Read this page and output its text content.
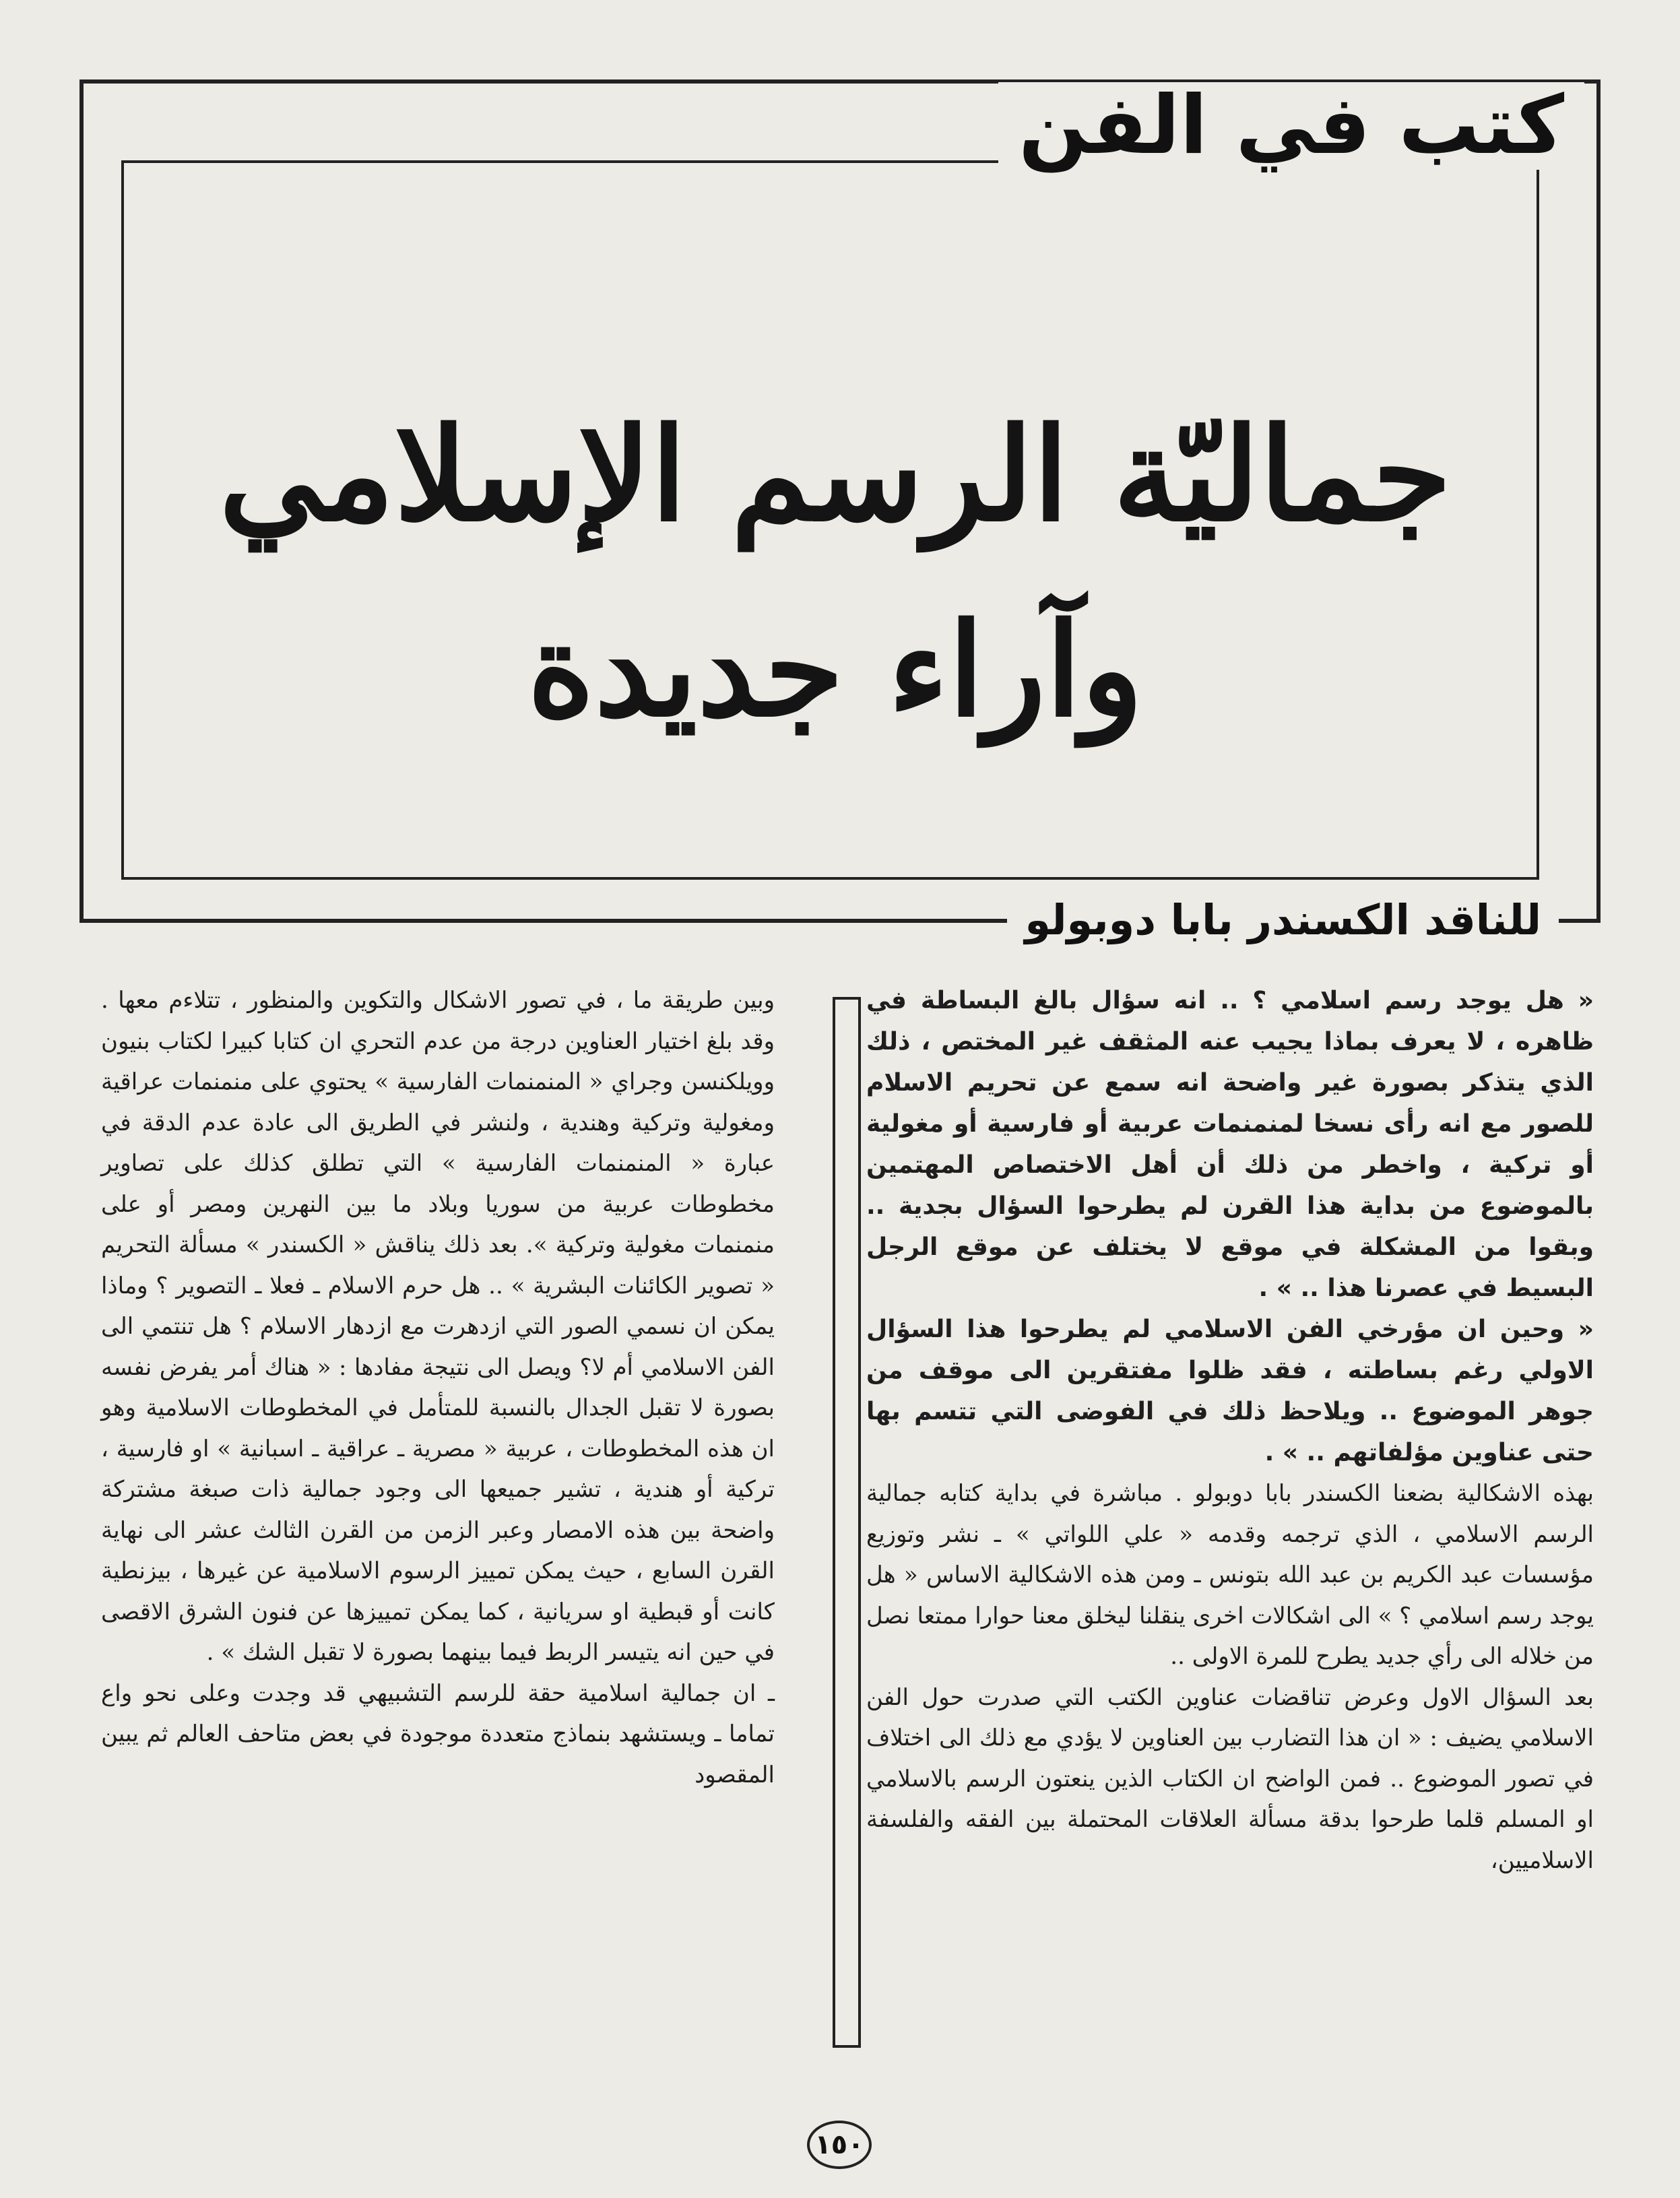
كتب في الفن
جماليّة الرسم الإسلامي
وآراء جديدة
للناقد الكسندر بابا دوبولو

« هل يوجد رسم اسلامي ؟ .. انه سؤال بالغ البساطة في ظاهره ، لا يعرف بماذا يجيب عنه المثقف غير المختص ، ذلك الذي يتذكر بصورة غير واضحة انه سمع عن تحريم الاسلام للصور مع انه رأى نسخا لمنمنمات عربية أو فارسية أو مغولية أو تركية ، واخطر من ذلك أن أهل الاختصاص المهتمين بالموضوع من بداية هذا القرن لم يطرحوا السؤال بجدية .. وبقوا من المشكلة في موقع لا يختلف عن موقع الرجل البسيط في عصرنا هذا .. » .

« وحين ان مؤرخي الفن الاسلامي لم يطرحوا هذا السؤال الاولي رغم بساطته ، فقد ظلوا مفتقرين الى موقف من جوهر الموضوع .. ويلاحظ ذلك في الفوضى التي تتسم بها حتى عناوين مؤلفاتهم .. » .

بهذه الاشكالية بضعنا الكسندر بابا دوبولو . مباشرة في بداية كتابه جمالية الرسم الاسلامي ، الذي ترجمه وقدمه « علي اللواتي » ـ نشر وتوزيع مؤسسات عبد الكريم بن عبد الله بتونس ـ ومن هذه الاشكالية الاساس « هل يوجد رسم اسلامي ؟ » الى اشكالات اخرى ينقلنا ليخلق معنا حوارا ممتعا نصل من خلاله الى رأي جديد يطرح للمرة الاولى ..

بعد السؤال الاول وعرض تناقضات عناوين الكتب التي صدرت حول الفن الاسلامي يضيف : « ان هذا التضارب بين العناوين لا يؤدي مع ذلك الى اختلاف في تصور الموضوع .. فمن الواضح ان الكتاب الذين ينعتون الرسم بالاسلامي او المسلم قلما طرحوا بدقة مسألة العلاقات المحتملة بين الفقه والفلسفة الاسلاميين،

وبين طريقة ما ، في تصور الاشكال والتكوين والمنظور ، تتلاءم معها . وقد بلغ اختيار العناوين درجة من عدم التحري ان كتابا كبيرا لكتاب بنيون وويلكنسن وجراي « المنمنمات الفارسية » يحتوي على منمنمات عراقية ومغولية وتركية وهندية ، ولنشر في الطريق الى عادة عدم الدقة في عبارة « المنمنمات الفارسية » التي تطلق كذلك على تصاوير مخطوطات عربية من سوريا وبلاد ما بين النهرين ومصر أو على منمنمات مغولية وتركية ». بعد ذلك يناقش « الكسندر » مسألة التحريم « تصوير الكائنات البشرية » .. هل حرم الاسلام ـ فعلا ـ التصوير ؟ وماذا يمكن ان نسمي الصور التي ازدهرت مع ازدهار الاسلام ؟ هل تنتمي الى الفن الاسلامي أم لا؟ ويصل الى نتيجة مفادها : « هناك أمر يفرض نفسه بصورة لا تقبل الجدال بالنسبة للمتأمل في المخطوطات الاسلامية وهو ان هذه المخطوطات ، عربية « مصرية ـ عراقية ـ اسبانية » او فارسية ، تركية أو هندية ، تشير جميعها الى وجود جمالية ذات صبغة مشتركة واضحة بين هذه الامصار وعبر الزمن من القرن الثالث عشر الى نهاية القرن السابع ، حيث يمكن تمييز الرسوم الاسلامية عن غيرها ، بيزنطية كانت أو قبطية او سريانية ، كما يمكن تمييزها عن فنون الشرق الاقصى في حين انه يتيسر الربط فيما بينهما بصورة لا تقبل الشك » .

ـ ان جمالية اسلامية حقة للرسم التشبيهي قد وجدت وعلى نحو واع تماما ـ ويستشهد بنماذج متعددة موجودة في بعض متاحف العالم ثم يبين المقصود

١٥٠
